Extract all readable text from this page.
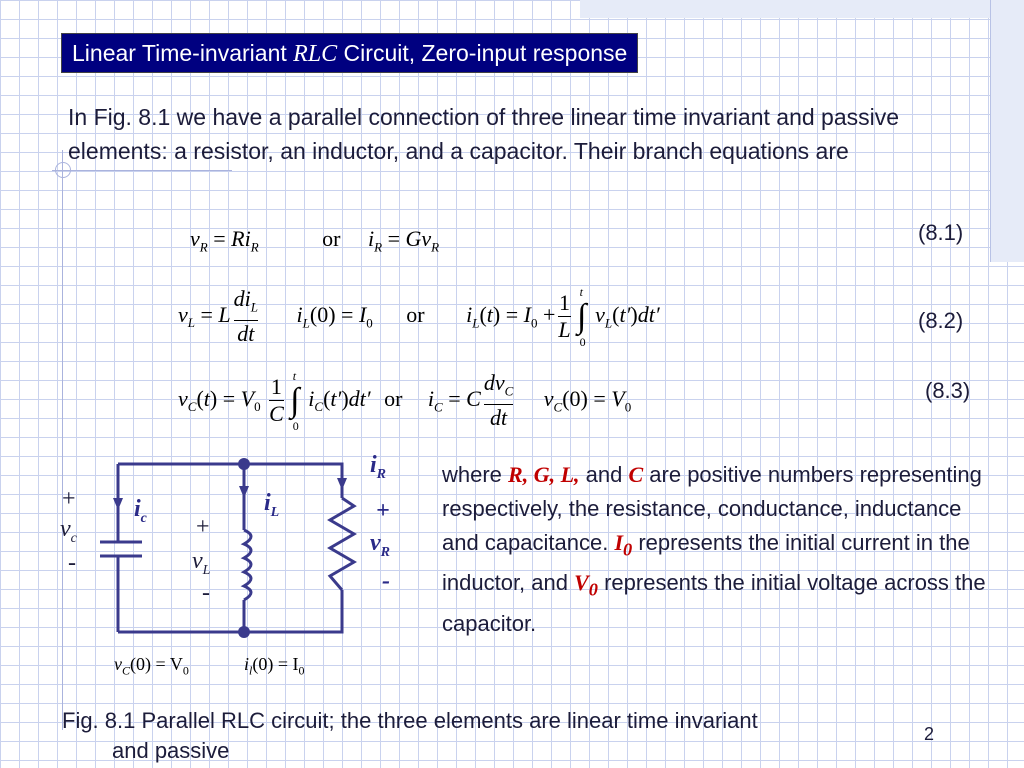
Linear Time-invariant RLC Circuit, Zero-input response
In Fig. 8.1 we have a parallel connection of three linear time invariant and passive elements: a resistor, an inductor, and a capacitor. Their branch equations are
$v_R = Ri_R$	or $i_R = Gv_R$
(8.1)
$v_L = L \frac{di_L}{dt} i_L(0) = I_0$ or $i_L(t) = I_0 + \frac{1}{L}$ ∫
t
0
$v_L(t')dt'$	(8.2)
$v_C(t) = V_0 \frac{1}{C}$ ∫
t
0
$i_C(t')dt'$ or $i_C = C \frac{dv_C}{dt} v_C(0) = V_0$
(8.3)
+
$v_c$
-
$i_c$ +
$v_L$
-
$i_L$
$i_R$
+
$v_R$
-
$v_C(0) = V_0$	$i_l(0) = I_0$
where R, G, L, and C are positive numbers representing respectively, the resistance, conductance, inductance and capacitance. $I_0$ represents the initial current in the inductor, and $V_0$ represents the initial voltage across the capacitor.
Fig. 8.1 Parallel RLC circuit; the three elements are linear time invariant
and passive
2
